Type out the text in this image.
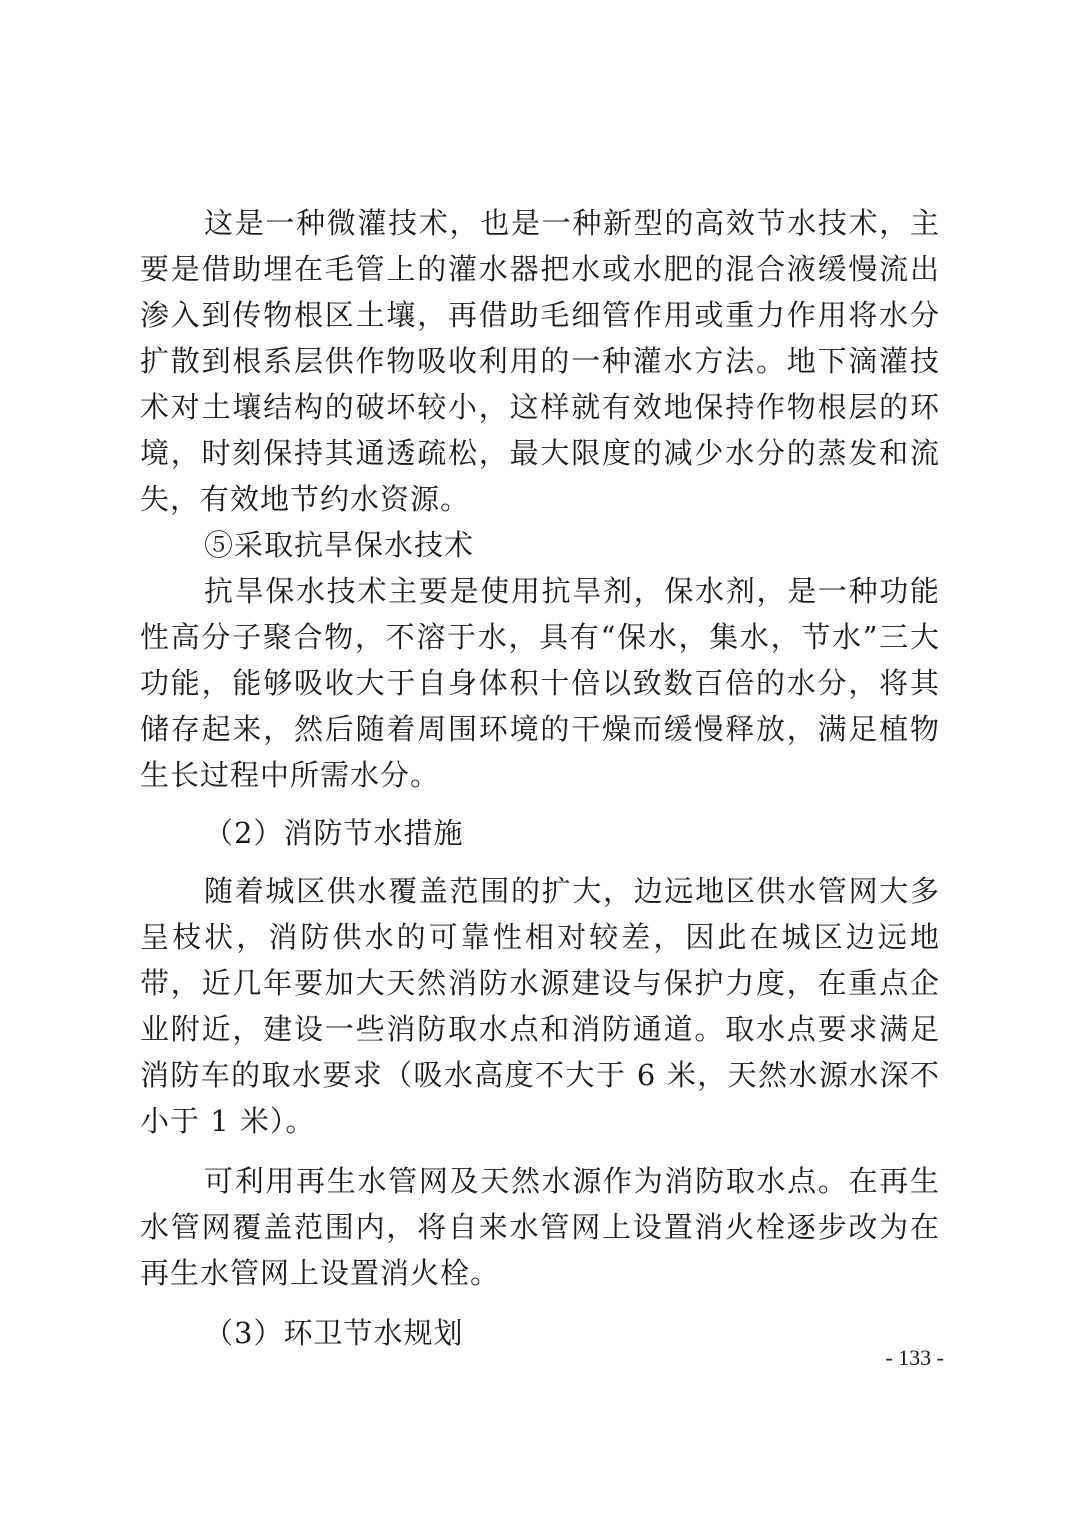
这是一种微灌技术，也是一种新型的高效节水技术，主要是借助埋在毛管上的灌水器把水或水肥的混合液缓慢流出渗入到传物根区土壤，再借助毛细管作用或重力作用将水分扩散到根系层供作物吸收利用的一种灌水方法。地下滴灌技术对土壤结构的破坏较小，这样就有效地保持作物根层的环境，时刻保持其通透疏松，最大限度的减少水分的蒸发和流失，有效地节约水资源。

⑤采取抗旱保水技术

抗旱保水技术主要是使用抗旱剂，保水剂，是一种功能性高分子聚合物，不溶于水，具有“保水，集水，节水”三大功能，能够吸收大于自身体积十倍以致数百倍的水分，将其储存起来，然后随着周围环境的干燥而缓慢释放，满足植物生长过程中所需水分。

（2）消防节水措施

随着城区供水覆盖范围的扩大，边远地区供水管网大多呈枝状，消防供水的可靠性相对较差，因此在城区边远地带，近几年要加大天然消防水源建设与保护力度，在重点企业附近，建设一些消防取水点和消防通道。取水点要求满足消防车的取水要求（吸水高度不大于 6 米，天然水源水深不小于 1 米）。

可利用再生水管网及天然水源作为消防取水点。在再生水管网覆盖范围内，将自来水管网上设置消火栓逐步改为在再生水管网上设置消火栓。

（3）环卫节水规划

- 133 -
